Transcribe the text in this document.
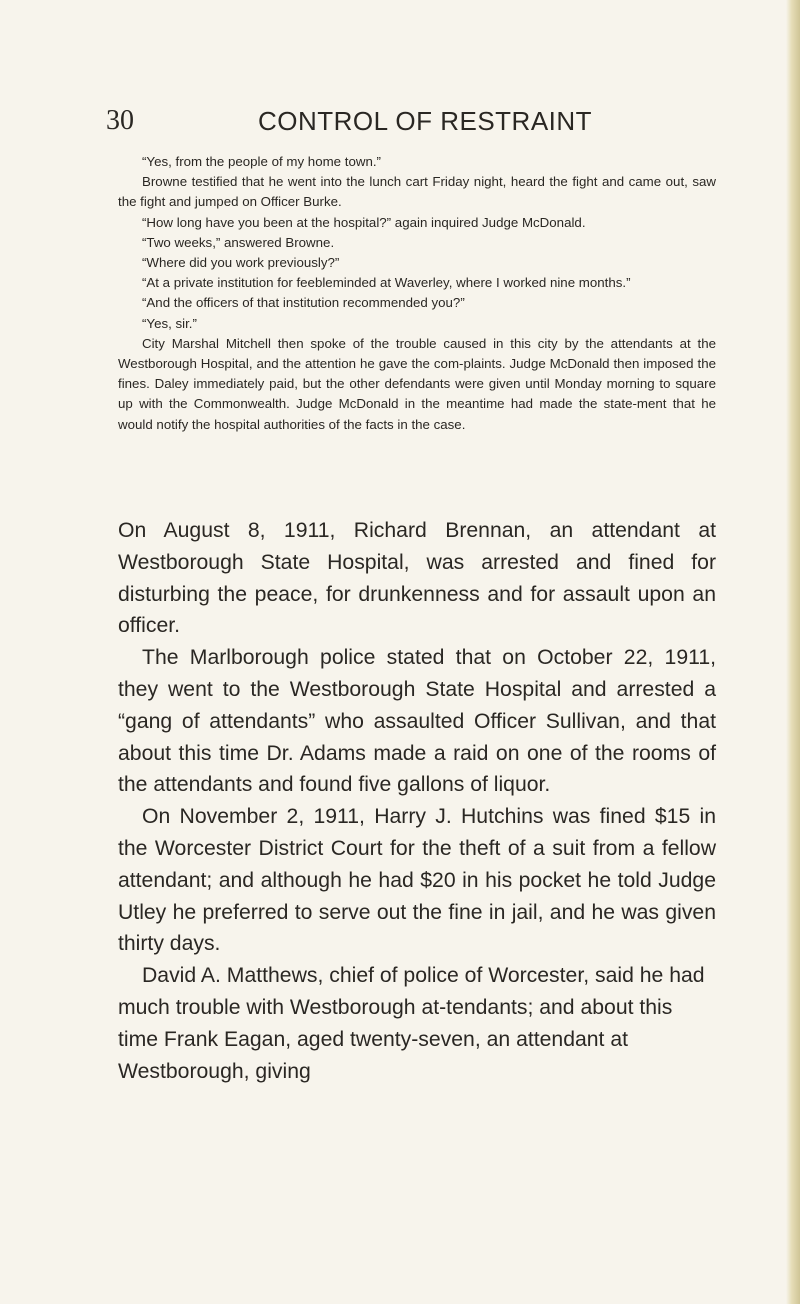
30	CONTROL OF RESTRAINT

“Yes, from the people of my home town.”

Browne testified that he went into the lunch cart Friday night, heard the fight and came out, saw the fight and jumped on Officer Burke.

“How long have you been at the hospital?” again inquired Judge McDonald.

“Two weeks,” answered Browne.

“Where did you work previously?”

“At a private institution for feebleminded at Waverley, where I worked nine months.”

“And the officers of that institution recommended you?”

“Yes, sir.”

City Marshal Mitchell then spoke of the trouble caused in this city by the attendants at the Westborough Hospital, and the attention he gave the com-plaints. Judge McDonald then imposed the fines. Daley immediately paid, but the other defendants were given until Monday morning to square up with the Commonwealth. Judge McDonald in the meantime had made the state-ment that he would notify the hospital authorities of the facts in the case.

On August 8, 1911, Richard Brennan, an attendant at Westborough State Hospital, was arrested and fined for disturbing the peace, for drunkenness and for assault upon an officer.

The Marlborough police stated that on October 22, 1911, they went to the Westborough State Hospital and arrested a “gang of attendants” who assaulted Officer Sullivan, and that about this time Dr. Adams made a raid on one of the rooms of the attendants and found five gallons of liquor.

On November 2, 1911, Harry J. Hutchins was fined $15 in the Worcester District Court for the theft of a suit from a fellow attendant; and although he had $20 in his pocket he told Judge Utley he preferred to serve out the fine in jail, and he was given thirty days.

David A. Matthews, chief of police of Worcester, said he had much trouble with Westborough at-tendants; and about this time Frank Eagan, aged twenty-seven, an attendant at Westborough, giving
